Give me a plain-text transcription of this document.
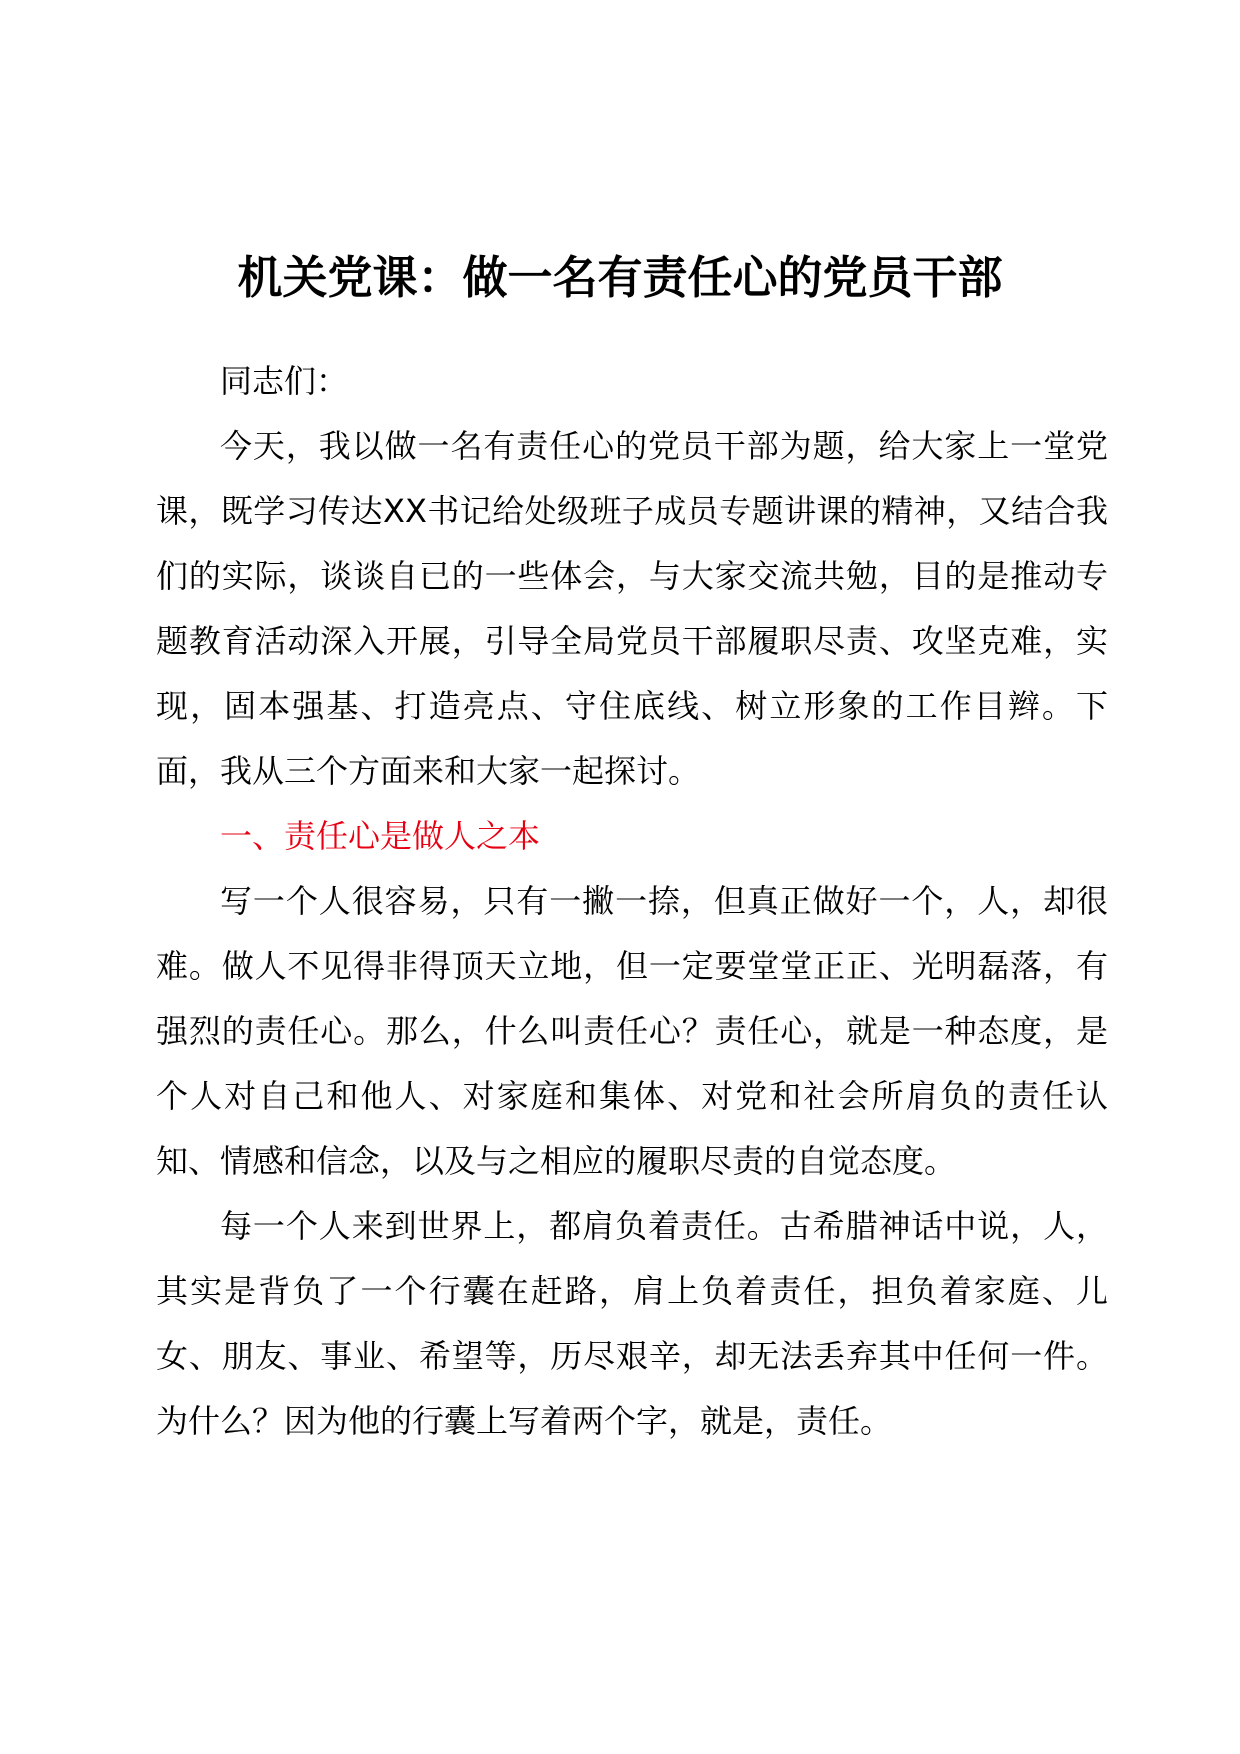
机关党课：做一名有责任心的党员干部

同志们：

今天，我以做一名有责任心的党员干部为题，给大家上一堂党课，既学习传达XX书记给处级班子成员专题讲课的精神，又结合我们的实际，谈谈自已的一些体会，与大家交流共勉，目的是推动专题教育活动深入开展，引导全局党员干部履职尽责、攻坚克难，实现，固本强基、打造亮点、守住底线、树立形象的工作目辫。下面，我从三个方面来和大家一起探讨。

一、责任心是做人之本

写一个人很容易，只有一撇一捺，但真正做好一个，人，却很难。做人不见得非得顶天立地，但一定要堂堂正正、光明磊落，有强烈的责任心。那么，什么叫责任心？责任心，就是一种态度，是个人对自己和他人、对家庭和集体、对党和社会所肩负的责任认知、情感和信念，以及与之相应的履职尽责的自觉态度。

每一个人来到世界上，都肩负着责任。古希腊神话中说，人，其实是背负了一个行囊在赶路，肩上负着责任，担负着家庭、儿女、朋友、事业、希望等，历尽艰辛，却无法丢弃其中任何一件。为什么？因为他的行囊上写着两个字，就是，责任。
